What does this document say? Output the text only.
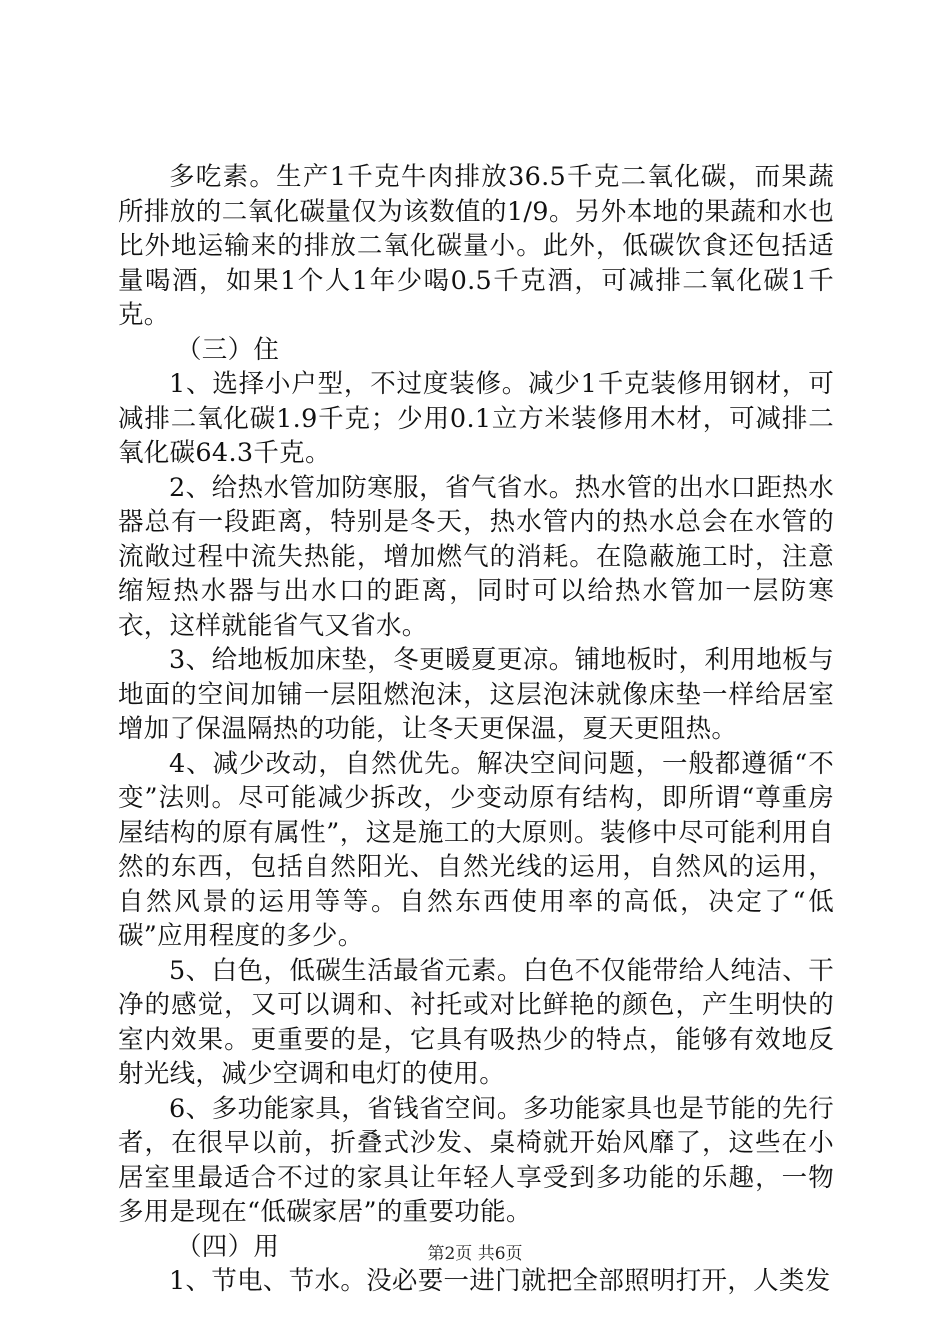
多吃素。生产1千克牛肉排放36.5千克二氧化碳，而果蔬所排放的二氧化碳量仅为该数值的1/9。另外本地的果蔬和水也比外地运输来的排放二氧化碳量小。此外，低碳饮食还包括适量喝酒，如果1个人1年少喝0.5千克酒，可减排二氧化碳1千克。

（三）住

1、选择小户型，不过度装修。减少1千克装修用钢材，可减排二氧化碳1.9千克；少用0.1立方米装修用木材，可减排二氧化碳64.3千克。

2、给热水管加防寒服，省气省水。热水管的出水口距热水器总有一段距离，特别是冬天，热水管内的热水总会在水管的流敞过程中流失热能，增加燃气的消耗。在隐蔽施工时，注意缩短热水器与出水口的距离，同时可以给热水管加一层防寒衣，这样就能省气又省水。

3、给地板加床垫，冬更暖夏更凉。铺地板时，利用地板与地面的空间加铺一层阻燃泡沫，这层泡沫就像床垫一样给居室增加了保温隔热的功能，让冬天更保温，夏天更阻热。

4、减少改动，自然优先。解决空间问题，一般都遵循“不变”法则。尽可能减少拆改，少变动原有结构，即所谓“尊重房屋结构的原有属性”，这是施工的大原则。装修中尽可能利用自然的东西，包括自然阳光、自然光线的运用，自然风的运用，自然风景的运用等等。自然东西使用率的高低，决定了“低碳”应用程度的多少。

5、白色，低碳生活最省元素。白色不仅能带给人纯洁、干净的感觉，又可以调和、衬托或对比鲜艳的颜色，产生明快的室内效果。更重要的是，它具有吸热少的特点，能够有效地反射光线，减少空调和电灯的使用。

6、多功能家具，省钱省空间。多功能家具也是节能的先行者，在很早以前，折叠式沙发、桌椅就开始风靡了，这些在小居室里最适合不过的家具让年轻人享受到多功能的乐趣，一物多用是现在“低碳家居”的重要功能。

（四）用

1、节电、节水。没必要一进门就把全部照明打开，人类发

第2页 共6页
